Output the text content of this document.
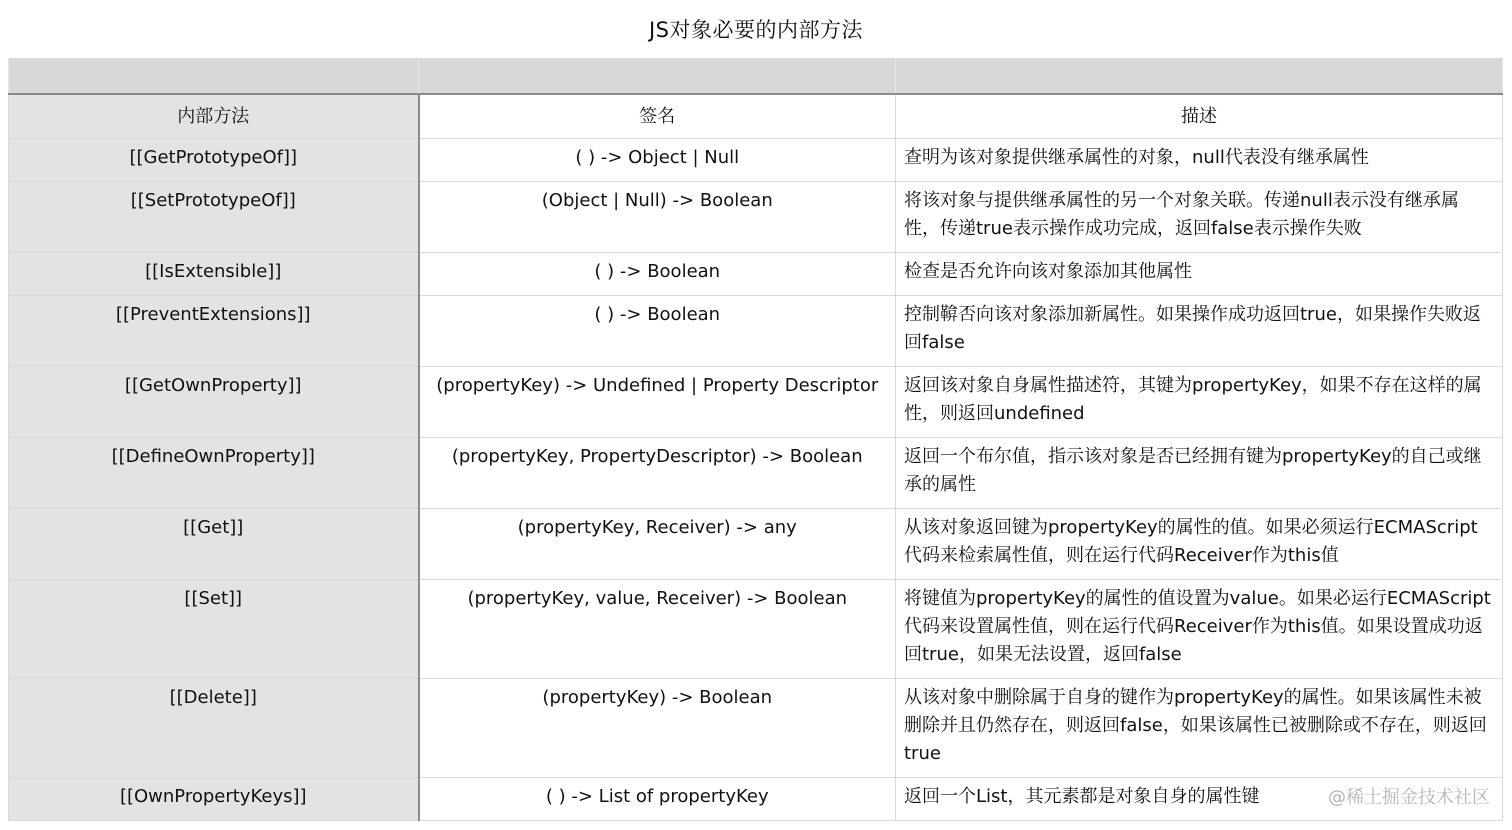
JS对象必要的内部方法

内部方法	签名	描述
[[GetPrototypeOf]]	( ) -> Object | Null	查明为该对象提供继承属性的对象，null代表没有继承属性
[[SetPrototypeOf]]	(Object | Null) -> Boolean	将该对象与提供继承属性的另一个对象关联。传递null表示没有继承属性，传递true表示操作成功完成，返回false表示操作失败
[[IsExtensible]]	( ) -> Boolean	检查是否允许向该对象添加其他属性
[[PreventExtensions]]	( ) -> Boolean	控制鞥否向该对象添加新属性。如果操作成功返回true，如果操作失败返回false
[[GetOwnProperty]]	(propertyKey) -> Undefined | Property Descriptor	返回该对象自身属性描述符，其键为propertyKey，如果不存在这样的属性，则返回undefined
[[DefineOwnProperty]]	(propertyKey, PropertyDescriptor) -> Boolean	返回一个布尔值，指示该对象是否已经拥有键为propertyKey的自己或继承的属性
[[Get]]	(propertyKey, Receiver) -> any	从该对象返回键为propertyKey的属性的值。如果必须运行ECMAScript代码来检索属性值，则在运行代码Receiver作为this值
[[Set]]	(propertyKey, value, Receiver) -> Boolean	将键值为propertyKey的属性的值设置为value。如果必运行ECMAScript代码来设置属性值，则在运行代码Receiver作为this值。如果设置成功返回true，如果无法设置，返回false
[[Delete]]	(propertyKey) -> Boolean	从该对象中删除属于自身的键作为propertyKey的属性。如果该属性未被删除并且仍然存在，则返回false，如果该属性已被删除或不存在，则返回true
[[OwnPropertyKeys]]	( ) -> List of propertyKey	返回一个List，其元素都是对象自身的属性键	@稀土掘金技术社区
